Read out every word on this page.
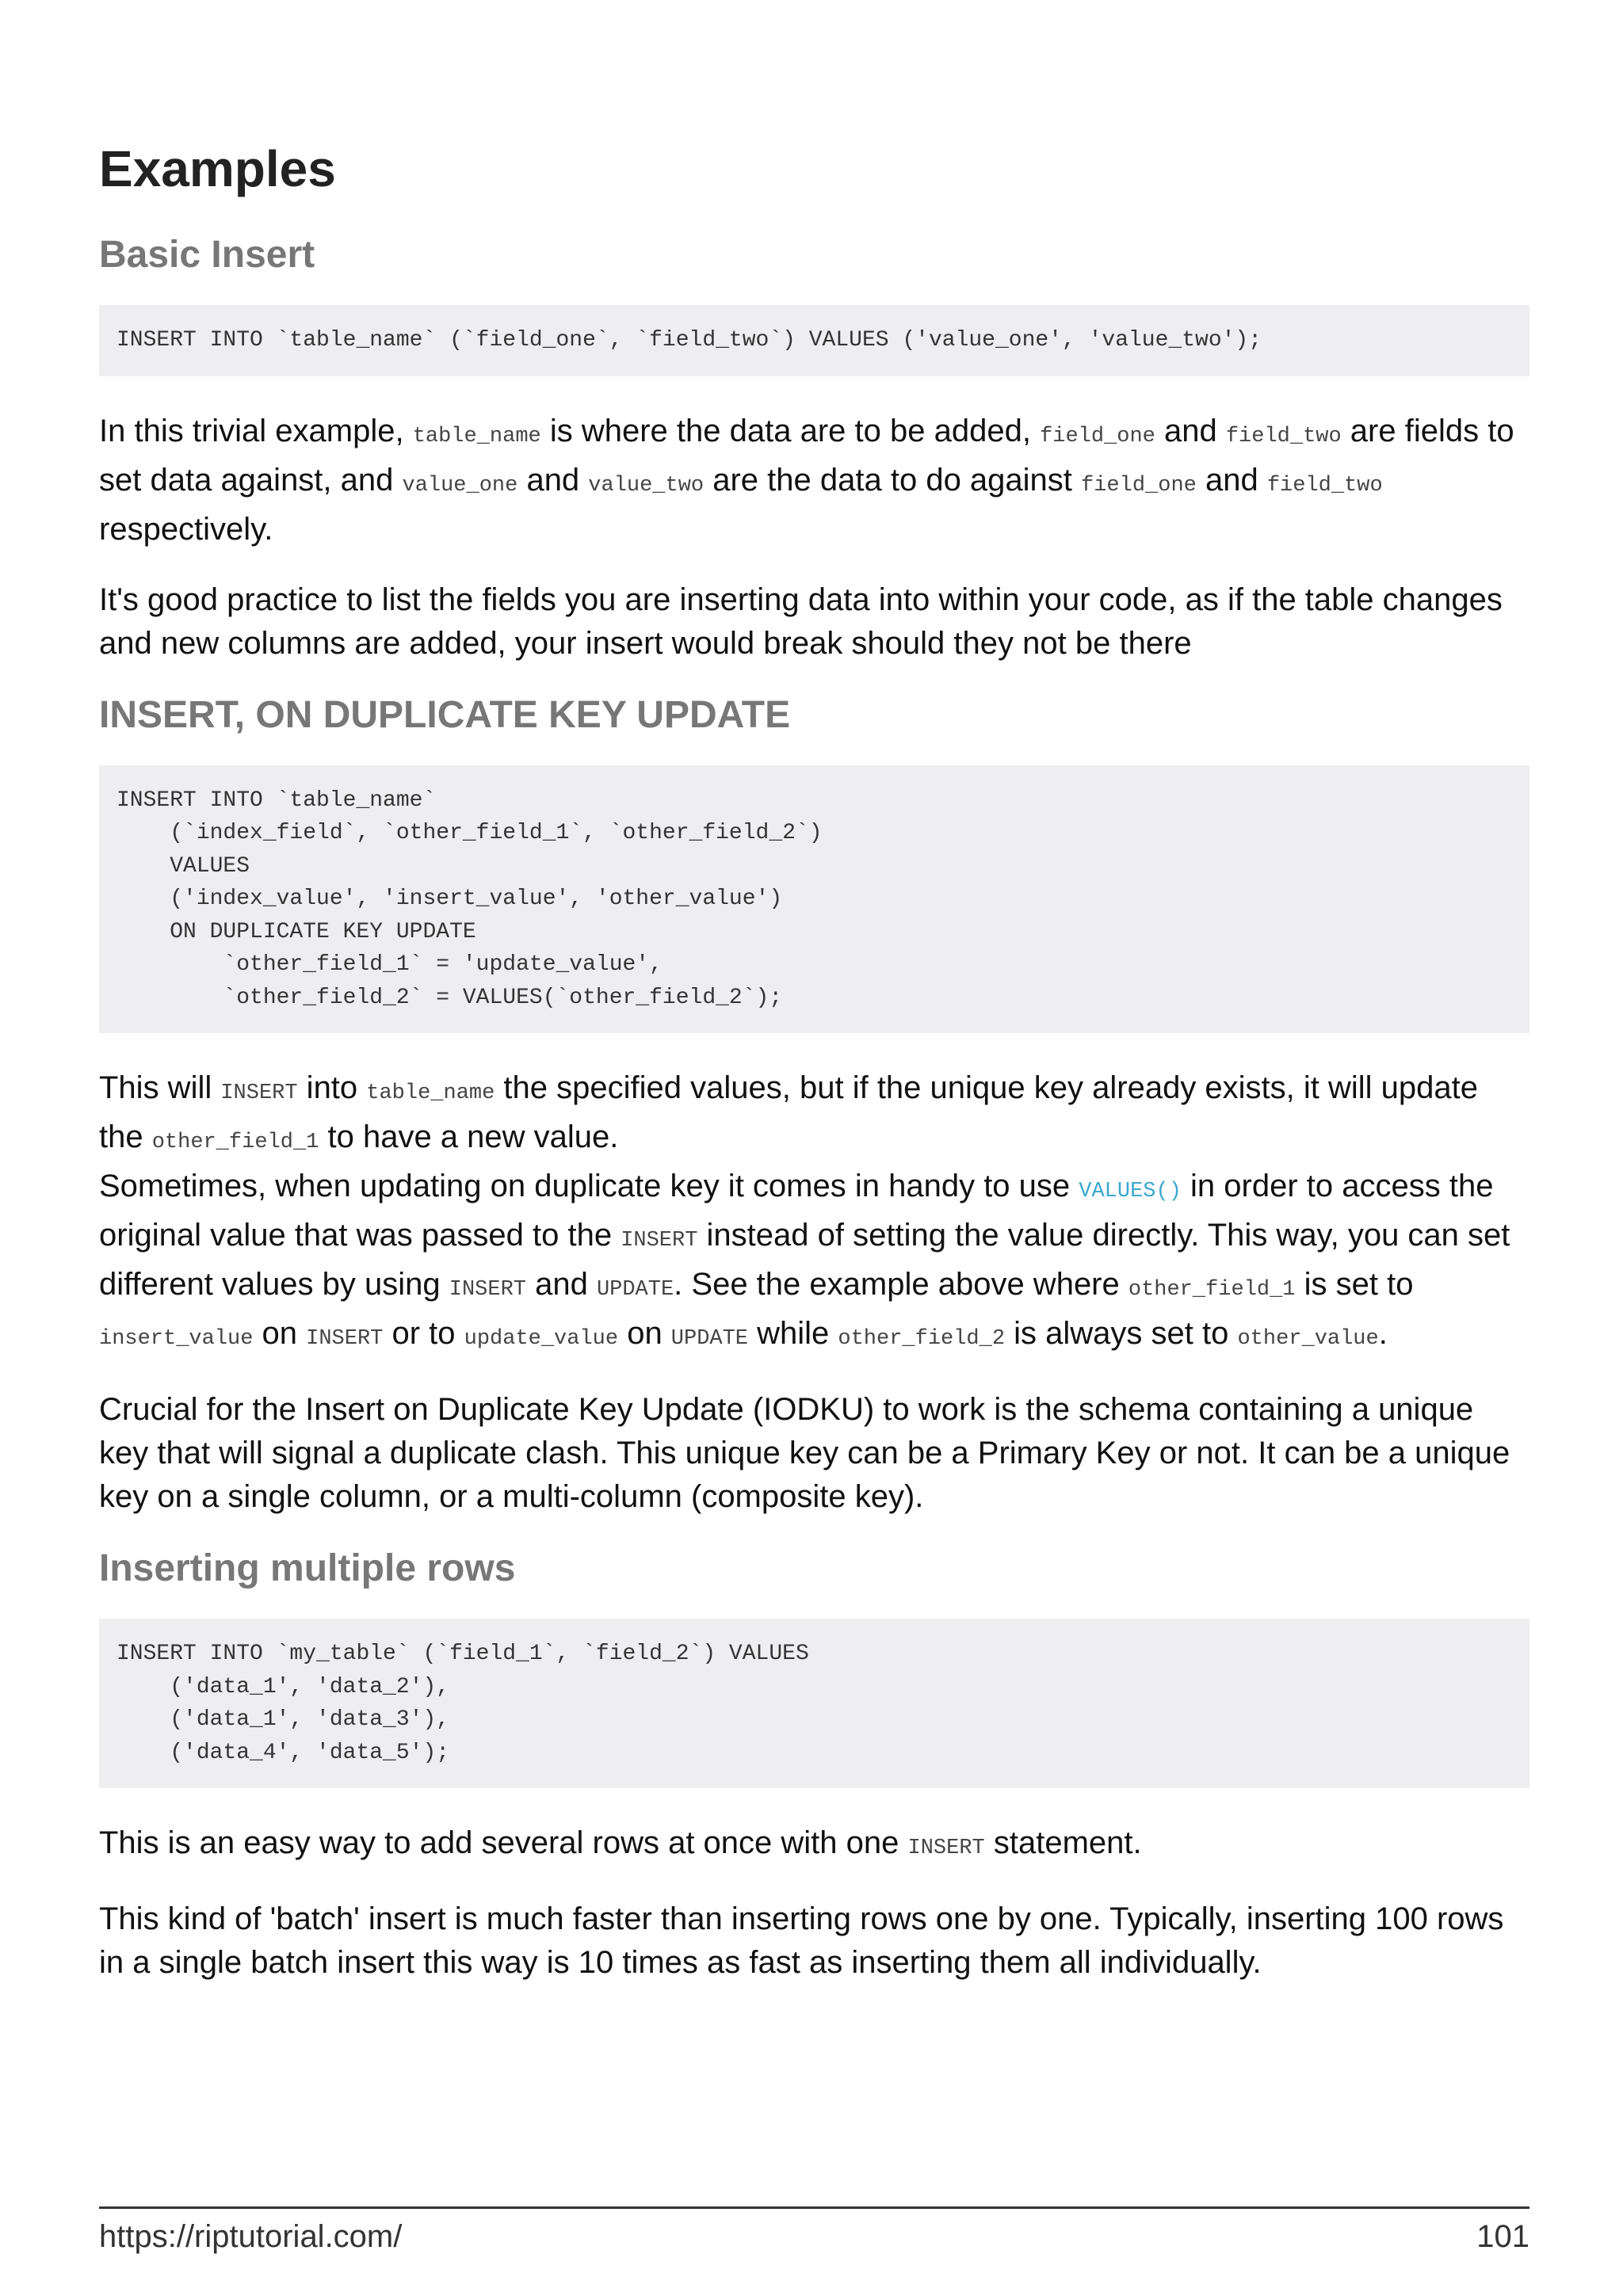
Examples
Basic Insert
INSERT INTO `table_name` (`field_one`, `field_two`) VALUES ('value_one', 'value_two');

In this trivial example, table_name is where the data are to be added, field_one and field_two are fields to set data against, and value_one and value_two are the data to do against field_one and field_two respectively.

It's good practice to list the fields you are inserting data into within your code, as if the table changes and new columns are added, your insert would break should they not be there

INSERT, ON DUPLICATE KEY UPDATE
INSERT INTO `table_name`
(`index_field`, `other_field_1`, `other_field_2`)
VALUES
('index_value', 'insert_value', 'other_value')
ON DUPLICATE KEY UPDATE
`other_field_1` = 'update_value',
`other_field_2` = VALUES(`other_field_2`);

This will INSERT into table_name the specified values, but if the unique key already exists, it will update the other_field_1 to have a new value.

Sometimes, when updating on duplicate key it comes in handy to use VALUES() in order to access the original value that was passed to the INSERT instead of setting the value directly. This way, you can set different values by using INSERT and UPDATE. See the example above where other_field_1 is set to insert_value on INSERT or to update_value on UPDATE while other_field_2 is always set to other_value.

Crucial for the Insert on Duplicate Key Update (IODKU) to work is the schema containing a unique key that will signal a duplicate clash. This unique key can be a Primary Key or not. It can be a unique key on a single column, or a multi-column (composite key).

Inserting multiple rows
INSERT INTO `my_table` (`field_1`, `field_2`) VALUES
('data_1', 'data_2'),
('data_1', 'data_3'),
('data_4', 'data_5');

This is an easy way to add several rows at once with one INSERT statement.

This kind of 'batch' insert is much faster than inserting rows one by one. Typically, inserting 100 rows in a single batch insert this way is 10 times as fast as inserting them all individually.

https://riptutorial.com/	101
